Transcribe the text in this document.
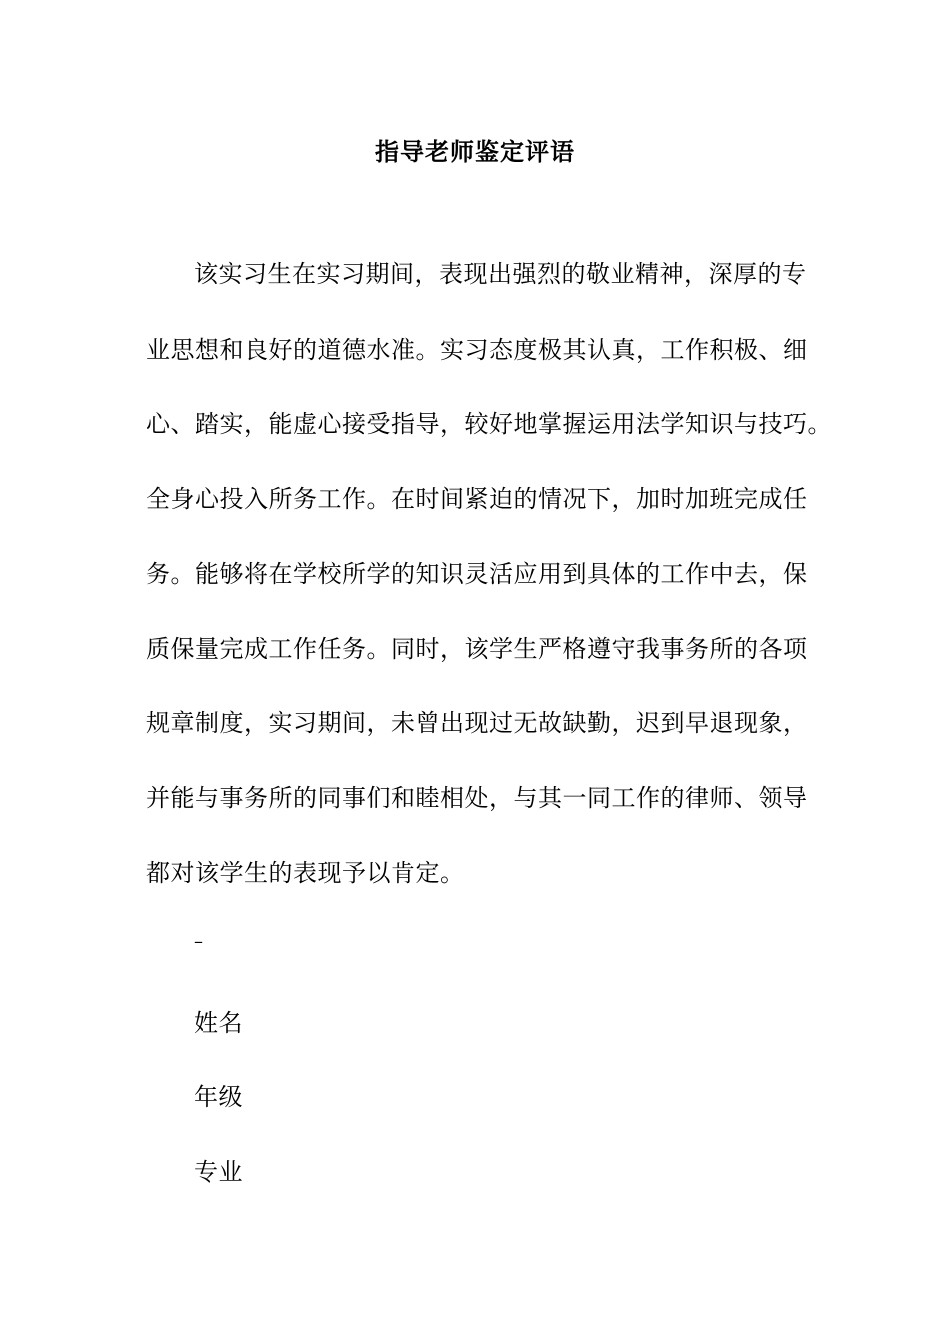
指导老师鉴定评语
该实习生在实习期间，表现出强烈的敬业精神，深厚的专
业思想和良好的道德水准。实习态度极其认真，工作积极、细
心、踏实，能虚心接受指导，较好地掌握运用法学知识与技巧。
全身心投入所务工作。在时间紧迫的情况下，加时加班完成任
务。能够将在学校所学的知识灵活应用到具体的工作中去，保
质保量完成工作任务。同时，该学生严格遵守我事务所的各项
规章制度，实习期间，未曾出现过无故缺勤，迟到早退现象，
并能与事务所的同事们和睦相处，与其一同工作的律师、领导
都对该学生的表现予以肯定。
–
姓名
年级
专业
